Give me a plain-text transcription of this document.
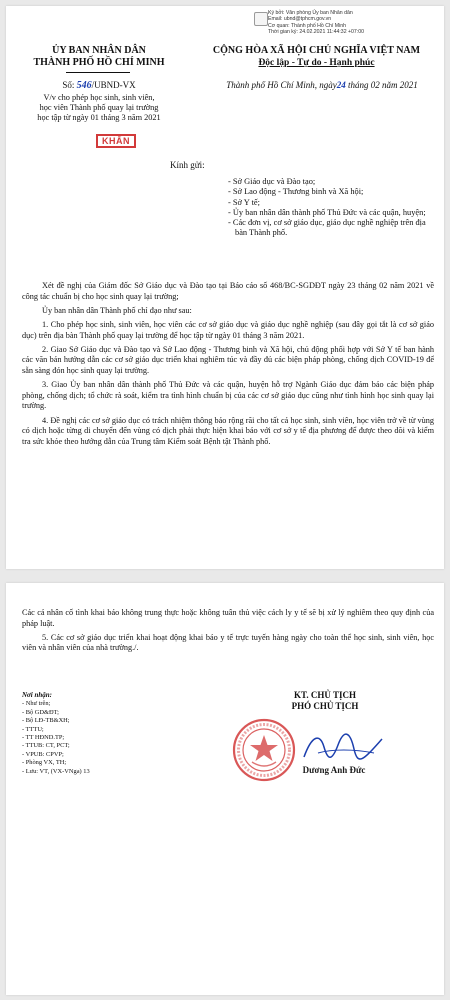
Ký bởi: Văn phòng Ủy ban Nhân dân
Email: ubnd@tphcm.gov.vn
Cơ quan: Thành phố Hồ Chí Minh
Thời gian ký: 24.02.2021 11:44:32 +07:00
ỦY BAN NHÂN DÂN
THÀNH PHỐ HỒ CHÍ MINH
CỘNG HÒA XÃ HỘI CHỦ NGHĨA VIỆT NAM
Độc lập - Tự do - Hạnh phúc
Số: 546/UBND-VX	Thành phố Hồ Chí Minh, ngày24 tháng 02 năm 2021
V/v cho phép học sinh, sinh viên,
học viên Thành phố quay lại trường
học tập từ ngày 01 tháng 3 năm 2021
KHẨN
Kính gửi:
- Sở Giáo dục và Đào tạo;
- Sở Lao động - Thương binh và Xã hội;
- Sở Y tế;
- Ủy ban nhân dân thành phố Thủ Đức và các quận, huyện;
- Các đơn vị, cơ sở giáo dục, giáo dục nghề nghiệp trên địa bàn Thành phố.

Xét đề nghị của Giám đốc Sở Giáo dục và Đào tạo tại Báo cáo số 468/BC-SGDĐT ngày 23 tháng 02 năm 2021 về công tác chuẩn bị cho học sinh quay lại trường;

Ủy ban nhân dân Thành phố chỉ đạo như sau:

1. Cho phép học sinh, sinh viên, học viên các cơ sở giáo dục và giáo dục nghề nghiệp (sau đây gọi tắt là cơ sở giáo dục) trên địa bàn Thành phố quay lại trường để học tập từ ngày 01 tháng 3 năm 2021.

2. Giao Sở Giáo dục và Đào tạo và Sở Lao động - Thương binh và Xã hội, chủ động phối hợp với Sở Y tế ban hành các văn bản hướng dẫn các cơ sở giáo dục triển khai nghiêm túc và đầy đủ các biện pháp phòng, chống dịch COVID-19 để sẵn sàng đón học sinh quay lại trường.

3. Giao Ủy ban nhân dân thành phố Thủ Đức và các quận, huyện hỗ trợ Ngành Giáo dục đảm bảo các biện pháp phòng, chống dịch; tổ chức rà soát, kiểm tra tình hình chuẩn bị của các cơ sở giáo dục cũng như tình hình học sinh quay lại trường.

4. Đề nghị các cơ sở giáo dục có trách nhiệm thông báo rộng rãi cho tất cả học sinh, sinh viên, học viên trở về từ vùng có dịch hoặc từng di chuyển đến vùng có dịch phải thực hiện khai báo với cơ sở y tế địa phương để được theo dõi và kiểm tra sức khỏe theo hướng dẫn của Trung tâm Kiểm soát Bệnh tật Thành phố.

Các cá nhân cố tình khai báo không trung thực hoặc không tuân thủ việc cách ly y tế sẽ bị xử lý nghiêm theo quy định của pháp luật.

5. Các cơ sở giáo dục triển khai hoạt động khai báo y tế trực tuyến hàng ngày cho toàn thể học sinh, sinh viên, học viên và nhân viên của nhà trường./.

Nơi nhận:
- Như trên;
- Bộ GD&ĐT;
- Bộ LĐ-TB&XH;
- TTTU;
- TT HĐND.TP;
- TTUB: CT, PCT;
- VPUB: CPVP;
- Phòng VX, TH;
- Lưu: VT, (VX-VNga) 13
KT. CHỦ TỊCH
PHÓ CHỦ TỊCH
Dương Anh Đức
